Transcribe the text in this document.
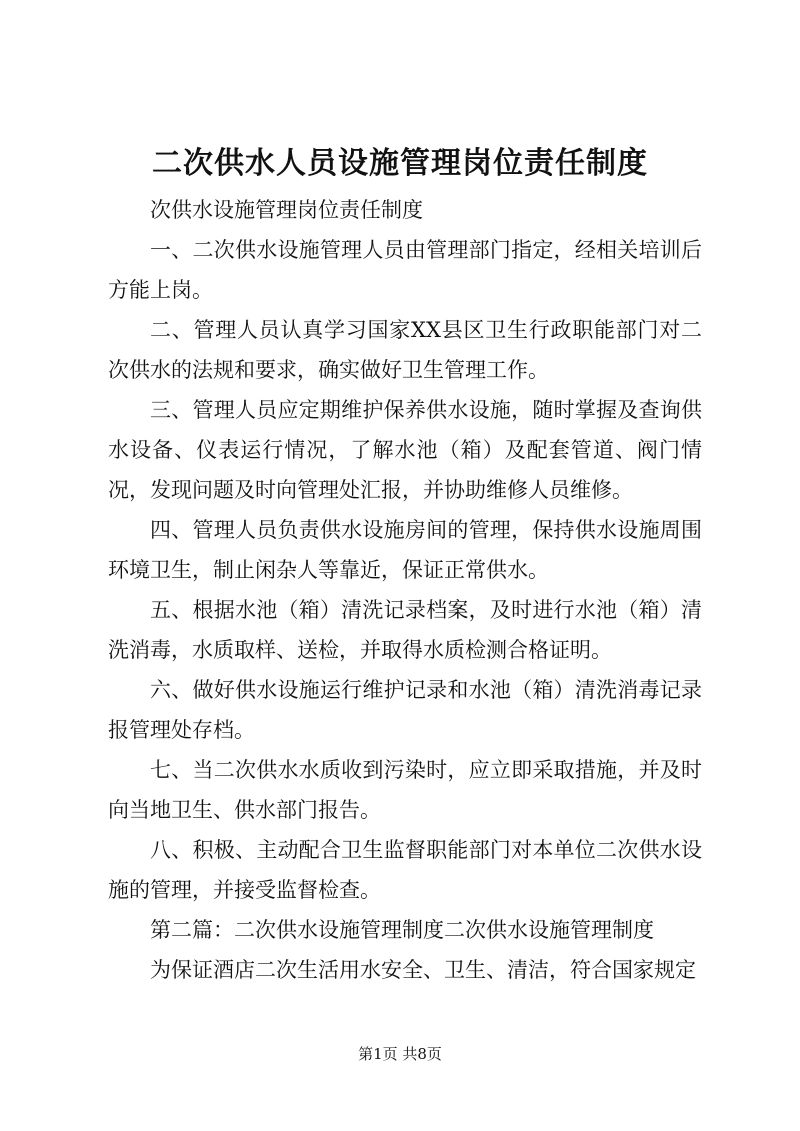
二次供水人员设施管理岗位责任制度

次供水设施管理岗位责任制度

一、二次供水设施管理人员由管理部门指定，经相关培训后方能上岗。

二、管理人员认真学习国家XX县区卫生行政职能部门对二次供水的法规和要求，确实做好卫生管理工作。

三、管理人员应定期维护保养供水设施，随时掌握及查询供水设备、仪表运行情况，了解水池（箱）及配套管道、阀门情况，发现问题及时向管理处汇报，并协助维修人员维修。

四、管理人员负责供水设施房间的管理，保持供水设施周围环境卫生，制止闲杂人等靠近，保证正常供水。

五、根据水池（箱）清洗记录档案，及时进行水池（箱）清洗消毒，水质取样、送检，并取得水质检测合格证明。

六、做好供水设施运行维护记录和水池（箱）清洗消毒记录报管理处存档。

七、当二次供水水质收到污染时，应立即采取措施，并及时向当地卫生、供水部门报告。

八、积极、主动配合卫生监督职能部门对本单位二次供水设施的管理，并接受监督检查。

第二篇：二次供水设施管理制度二次供水设施管理制度

为保证酒店二次生活用水安全、卫生、清洁，符合国家规定

第1页 共8页
